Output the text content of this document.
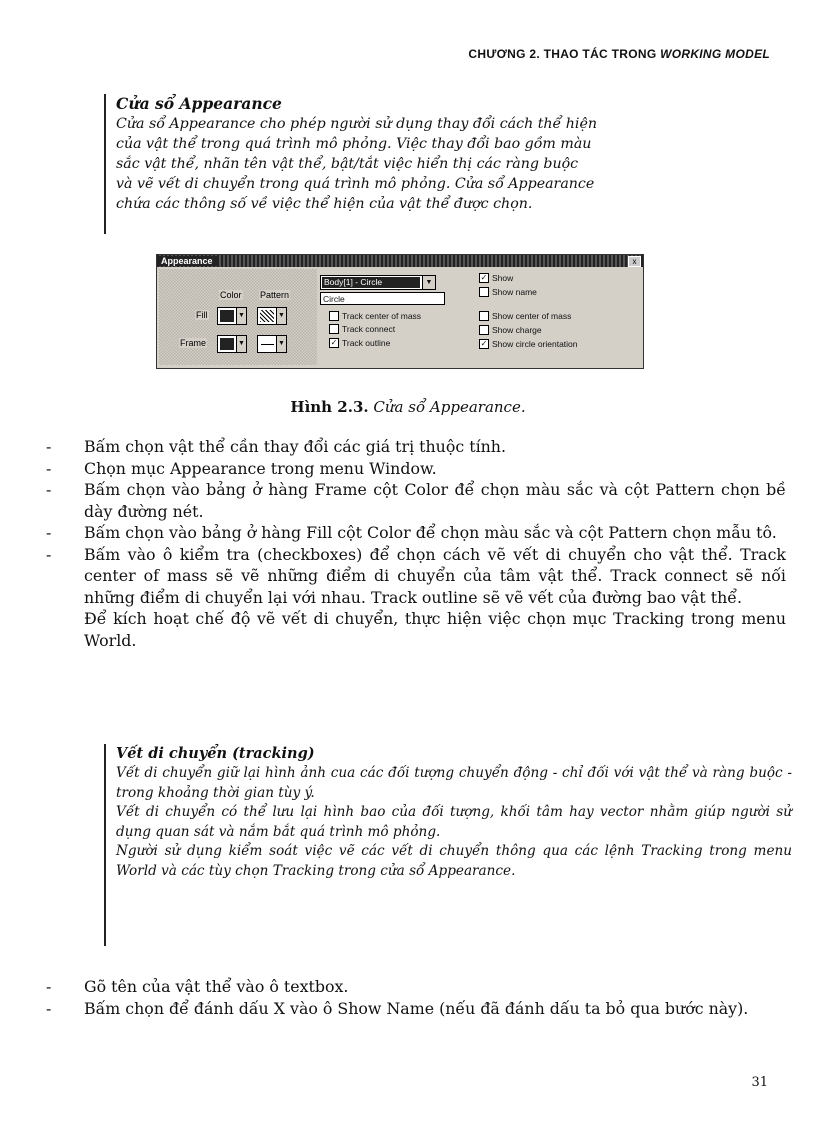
CHƯƠNG 2. THAO TÁC TRONG WORKING MODEL
Cửa sổ Appearance

Cửa sổ Appearance cho phép người sử dụng thay đổi cách thể hiện

của vật thể trong quá trình mô phỏng. Việc thay đổi bao gồm màu

sắc vật thể, nhãn tên vật thể, bật/tắt việc hiển thị các ràng buộc

và vẽ vết di chuyển trong quá trình mô phỏng. Cửa sổ Appearance

chứa các thông số về việc thể hiện của vật thể được chọn.

Appearance	x
Color Pattern
Fill
Frame
▼	▼
▼	▼
Body[1] - Circle	▼
Circle
Track center of mass
Track connect
✓ Track outline
✓ Show
Show name
Show center of mass
Show charge
✓ Show circle orientation
Hình 2.3. Cửa sổ Appearance.
- Bấm chọn vật thể cần thay đổi các giá trị thuộc tính.
- Chọn mục Appearance trong menu Window.
- Bấm chọn vào bảng ở hàng Frame cột Color để chọn màu sắc và cột Pattern chọn bề dày đường nét.
- Bấm chọn vào bảng ở hàng Fill cột Color để chọn màu sắc và cột Pattern chọn mẫu tô.
- Bấm vào ô kiểm tra (checkboxes) để chọn cách vẽ vết di chuyển cho vật thể. Track center of mass sẽ vẽ những điểm di chuyển của tâm vật thể. Track connect sẽ nối những điểm di chuyển lại với nhau. Track outline sẽ vẽ vết của đường bao vật thể.
Để kích hoạt chế độ vẽ vết di chuyển, thực hiện việc chọn mục Tracking trong menu World.
Vết di chuyển (tracking)

Vết di chuyển giữ lại hình ảnh cua các đối tượng chuyển động - chỉ đối với vật thể và ràng buộc - trong khoảng thời gian tùy ý.

Vết di chuyển có thể lưu lại hình bao của đối tượng, khối tâm hay vector nhằm giúp người sử dụng quan sát và nắm bắt quá trình mô phỏng.

Người sử dụng kiểm soát việc vẽ các vết di chuyển thông qua các lệnh Tracking trong menu World và các tùy chọn Tracking trong cửa sổ Appearance.

- Gõ tên của vật thể vào ô textbox.
- Bấm chọn để đánh dấu X vào ô Show Name (nếu đã đánh dấu ta bỏ qua bước này).
31
